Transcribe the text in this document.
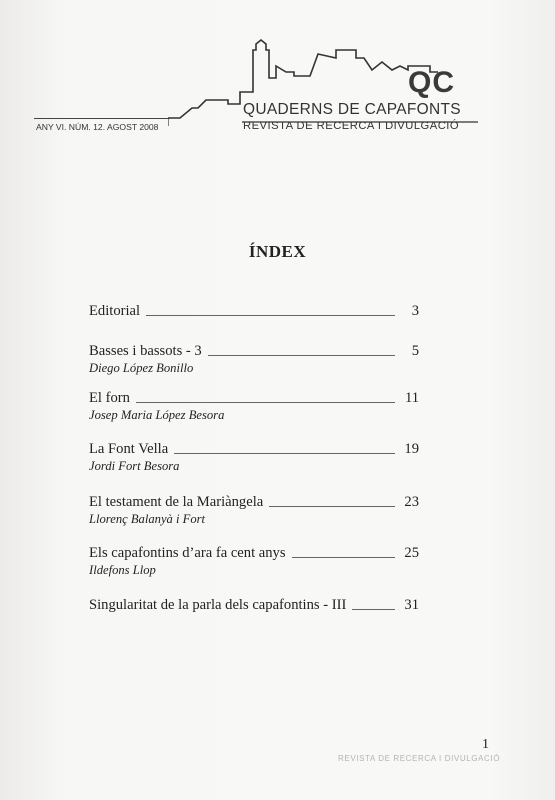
QC
QUADERNS DE CAPAFONTS
REVISTA DE RECERCA I DIVULGACIÓ
ANY VI. NÚM. 12. AGOST 2008
ÍNDEX
Editorial	3
Basses i bassots - 3	5
Diego López Bonillo
El forn	11
Josep Maria López Besora
La Font Vella	19
Jordi Fort Besora
El testament de la Mariàngela	23
Llorenç Balanyà i Fort
Els capafontins d’ara fa cent anys	25
Ildefons Llop
Singularitat de la parla dels capafontins - III	31
1
REVISTA DE RECERCA I DIVULGACIÓ
